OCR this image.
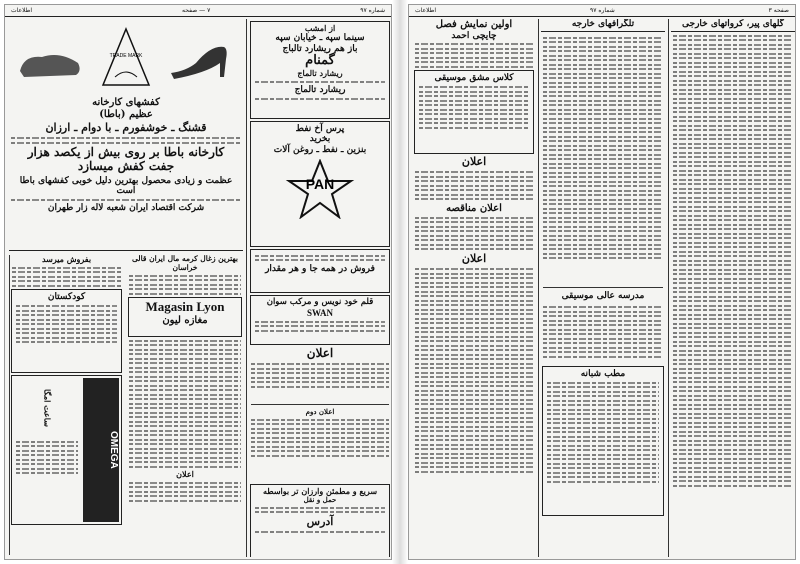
شماره ۹۷
۷ — صفحه
اطلاعات
از امشب
سینما سپه ـ خیابان سپه
باز هم ریشارد تالباج
گمنام
ریشارد تالماج
ریشارد تالماج
پرس آخ نفط
بخرید
بنزین ـ نفط ـ روغن آلات
PAN
فروش در همه جا و هر مقدار
قلم خود نویس و مرکب سوان
SWAN
اعلان
اعلان دوم
سریع و مطمئن وارزان تر بواسطه
حمل و نقل
آدرس
TRADE MARK
کفشهای کارخانه
عظیم (باطا)
قشنگ ـ خوشفورم ـ با دوام ـ ارزان
کارخانه باطا بر روی بیش از یکصد هزار
جفت کفش میسازد
عظمت و زیادی محصول بهترین دلیل خوبی کفشهای باطا است
شرکت اقتصاد ایران شعبه لاله زار طهران
بهترین زغال کرمه مال ایران قالی خراسان
Magasin Lyon
مغازه لیون
اعلان
بفروش میرسد
کودکستان
OMEGA
ساعت امگا
صفحه ۳
شماره ۹۷
اطلاعات
گلهای پیر، کرواتهای خارجی
تلگرافهای خارجه
مدرسه عالی موسیقی
مطب شبانه
اولین نمایش فصل
چایچی احمد
کلاس مشق موسیقی
اعلان
اعلان مناقصه
اعلان
